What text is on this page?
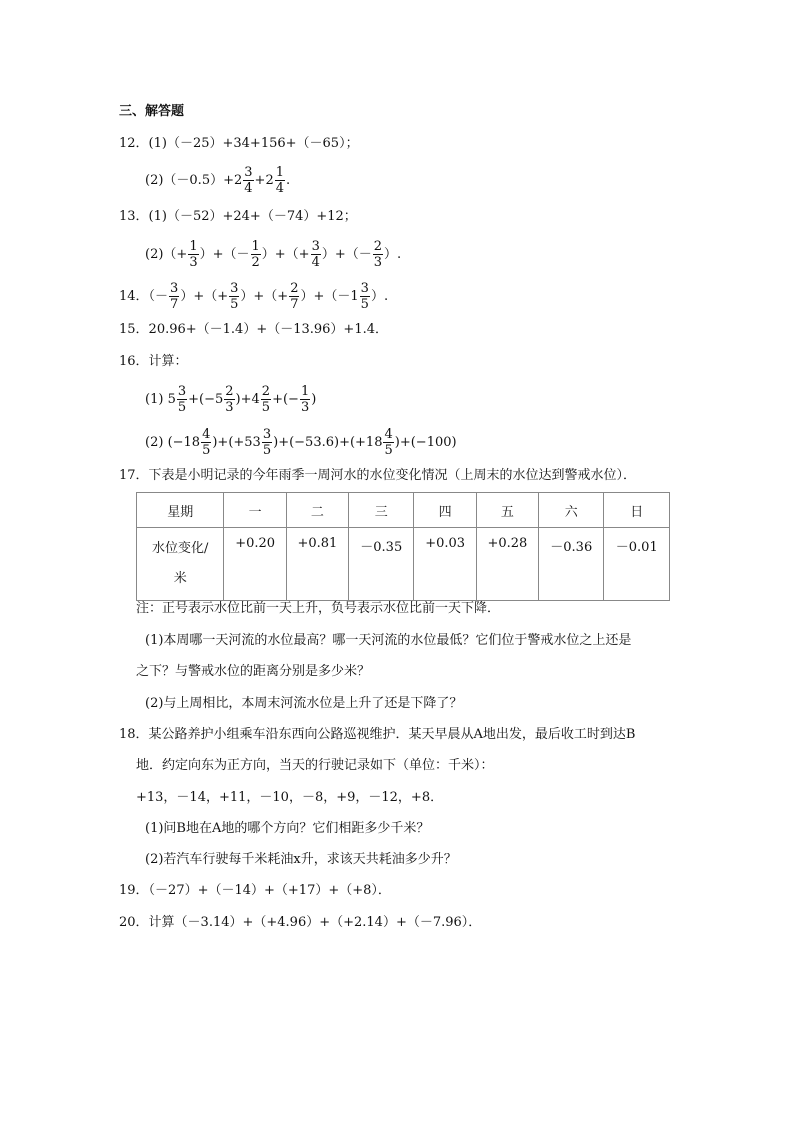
三、解答题
12．(1)（－25）+34+156+（－65）；
$(2)(-0.5)+2 \frac{3}{4} +2 \frac{1}{4}$ .
13．(1)（－52）+24+（－74）+12；
$(2)(+ \frac{1}{3}$ ）+（－ $\frac{1}{2}$ ）+（+ $\frac{3}{4}$ ）+（－ $\frac{2}{3}$ ）.
14．（－ $\frac{3}{7}$ ）+（+ $\frac{3}{5}$ ）+（+ $\frac{2}{7} )+(-1 \frac{3}{5}$ ）.
15．20.96+（－1.4）+（－13.96）+1.4．
16．计算：
(1) $5 \frac{3}{5} +(-5 \frac{2}{3} )+4 \frac{2}{5}$ +(− $\frac{1}{3}$ )
(2) $(-18 \frac{4}{5} )+(+53 \frac{3}{5} )+(-53.6)+(+18 \frac{4}{5} )+(-100)$
17．下表是小明记录的今年雨季一周河水的水位变化情况（上周末的水位达到警戒水位）．
星期	一	二	三	四	五	六	日

水位变化/
米	+0.20	+0.81	－0.35	+0.03	+0.28	－0.36	－0.01
注：正号表示水位比前一天上升，负号表示水位比前一天下降．
(1)本周哪一天河流的水位最高？哪一天河流的水位最低？它们位于警戒水位之上还是
之下？与警戒水位的距离分别是多少米？
(2)与上周相比，本周末河流水位是上升了还是下降了？
18．某公路养护小组乘车沿东西向公路巡视维护．某天早晨从A地出发，最后收工时到达B
地．约定向东为正方向，当天的行驶记录如下（单位：千米）：
+13，－14，+11，－10，－8，+9，－12，+8．
(1)问B地在A地的哪个方向？它们相距多少千米？
(2)若汽车行驶每千米耗油x升，求该天共耗油多少升？
19．（－27）+（－14）+（+17）+（+8）．
20．计算（－3.14）+（+4.96）+（+2.14）+（－7.96）．
